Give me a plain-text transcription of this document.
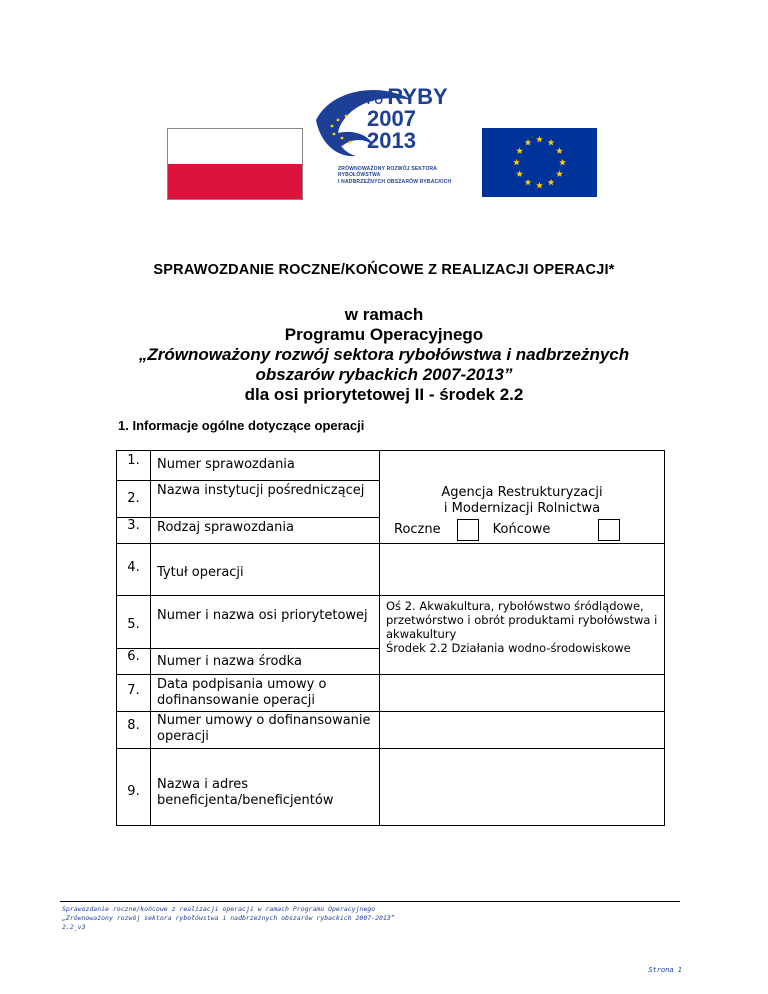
PO RYBY
2007
2013
ZRÓWNOWAŻONY ROZWÓJ SEKTORA RYBOŁÓWSTWA
I NADBRZEŻNYCH OBSZARÓW RYBACKICH
SPRAWOZDANIE ROCZNE/KOŃCOWE Z REALIZACJI OPERACJI*
w ramach
Programu Operacyjnego
„Zrównoważony rozwój sektora rybołówstwa i nadbrzeżnych
obszarów rybackich 2007-2013”
dla osi priorytetowej II - środek 2.2
1. Informacje ogólne dotyczące operacji
1.	Numer sprawozdania	Agencja Restrukturyzacji
i Modernizacji Rolnictwa
Roczne Końcowe

2.	Nazwa instytucji pośredniczącej	

3.	Rodzaj sprawozdania	

4.	Tytuł operacji	

5.	Numer i nazwa osi priorytetowej	Oś 2. Akwakultura, rybołówstwo śródlądowe, przetwórstwo i obrót produktami rybołówstwa i akwakultury
Środek 2.2 Działania wodno-środowiskowe

6.	Numer i nazwa środka	

7.	Data podpisania umowy o dofinansowanie operacji	

8.	Numer umowy o dofinansowanie operacji	

9.	Nazwa i adres beneficjenta/beneficjentów	

Sprawozdanie roczne/końcowe z realizacji operacji w ramach Programu Operacyjnego
„Zrównoważony rozwój sektora rybołówstwa i nadbrzeżnych obszarów rybackich 2007-2013”
2.2_v3
Strona 1
